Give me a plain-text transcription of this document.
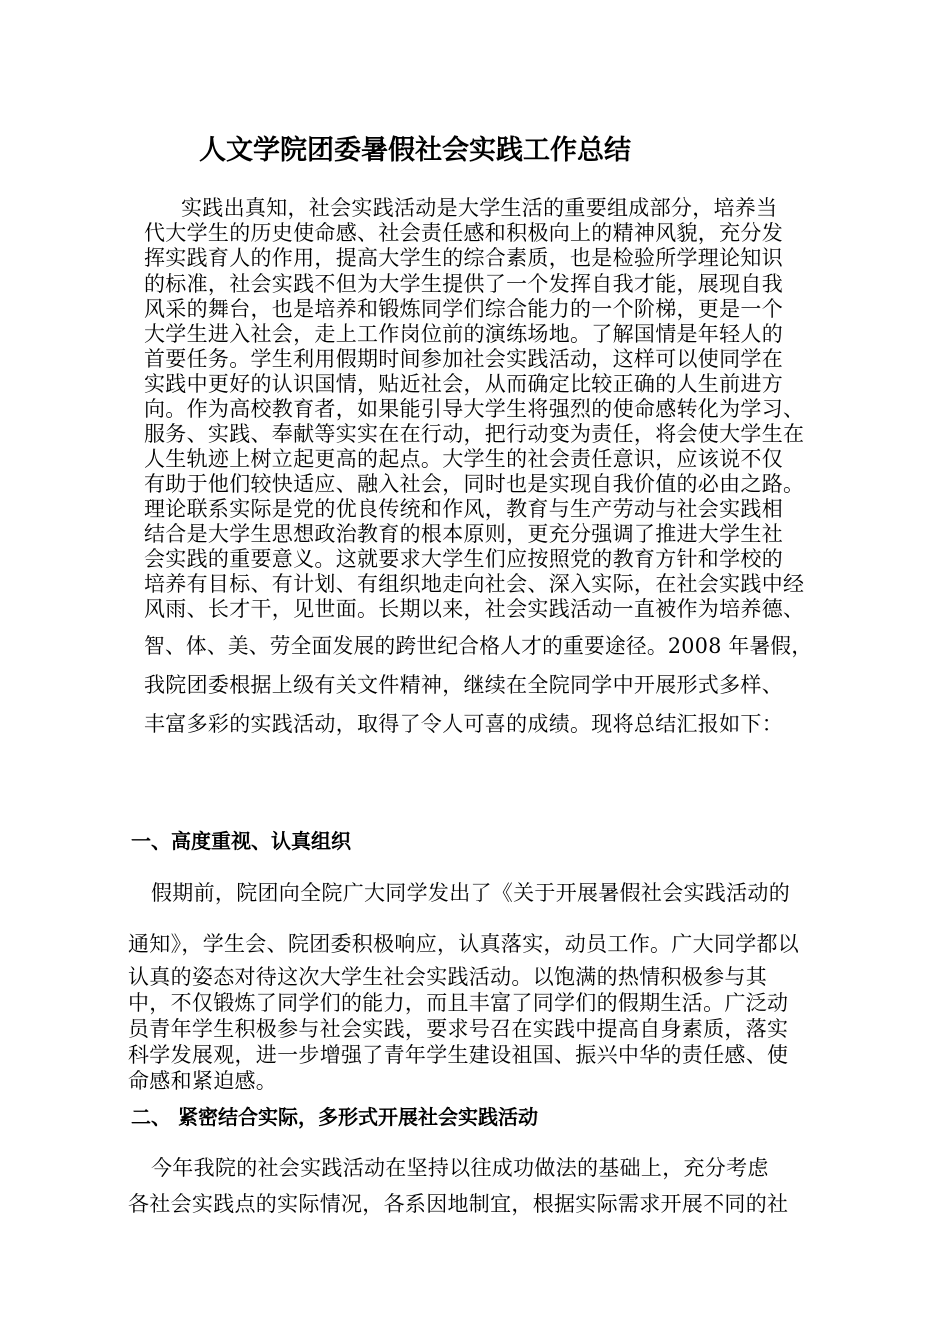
人文学院团委暑假社会实践工作总结
实践出真知，社会实践活动是大学生活的重要组成部分，培养当
代大学生的历史使命感、社会责任感和积极向上的精神风貌，充分发
挥实践育人的作用，提高大学生的综合素质，也是检验所学理论知识
的标准，社会实践不但为大学生提供了一个发挥自我才能，展现自我
风采的舞台，也是培养和锻炼同学们综合能力的一个阶梯，更是一个
大学生进入社会，走上工作岗位前的演练场地。了解国情是年轻人的
首要任务。学生利用假期时间参加社会实践活动，这样可以使同学在
实践中更好的认识国情，贴近社会，从而确定比较正确的人生前进方
向。作为高校教育者，如果能引导大学生将强烈的使命感转化为学习、
服务、实践、奉献等实实在在行动，把行动变为责任，将会使大学生在
人生轨迹上树立起更高的起点。大学生的社会责任意识，应该说不仅
有助于他们较快适应、融入社会，同时也是实现自我价值的必由之路。
理论联系实际是党的优良传统和作风，教育与生产劳动与社会实践相
结合是大学生思想政治教育的根本原则，更充分强调了推进大学生社
会实践的重要意义。这就要求大学生们应按照党的教育方针和学校的
培养有目标、有计划、有组织地走向社会、深入实际，在社会实践中经
风雨、长才干，见世面。长期以来，社会实践活动一直被作为培养德、
智、体、美、劳全面发展的跨世纪合格人才的重要途径。2008 年暑假，
我院团委根据上级有关文件精神，继续在全院同学中开展形式多样、
丰富多彩的实践活动，取得了令人可喜的成绩。现将总结汇报如下：
一、高度重视、认真组织
假期前，院团向全院广大同学发出了《关于开展暑假社会实践活动的
通知》，学生会、院团委积极响应，认真落实，动员工作。广大同学都以
认真的姿态对待这次大学生社会实践活动。以饱满的热情积极参与其
中，不仅锻炼了同学们的能力，而且丰富了同学们的假期生活。广泛动
员青年学生积极参与社会实践，要求号召在实践中提高自身素质，落实
科学发展观，进一步增强了青年学生建设祖国、振兴中华的责任感、使
命感和紧迫感。
二、 紧密结合实际，多形式开展社会实践活动
今年我院的社会实践活动在坚持以往成功做法的基础上，充分考虑
各社会实践点的实际情况，各系因地制宜，根据实际需求开展不同的社
